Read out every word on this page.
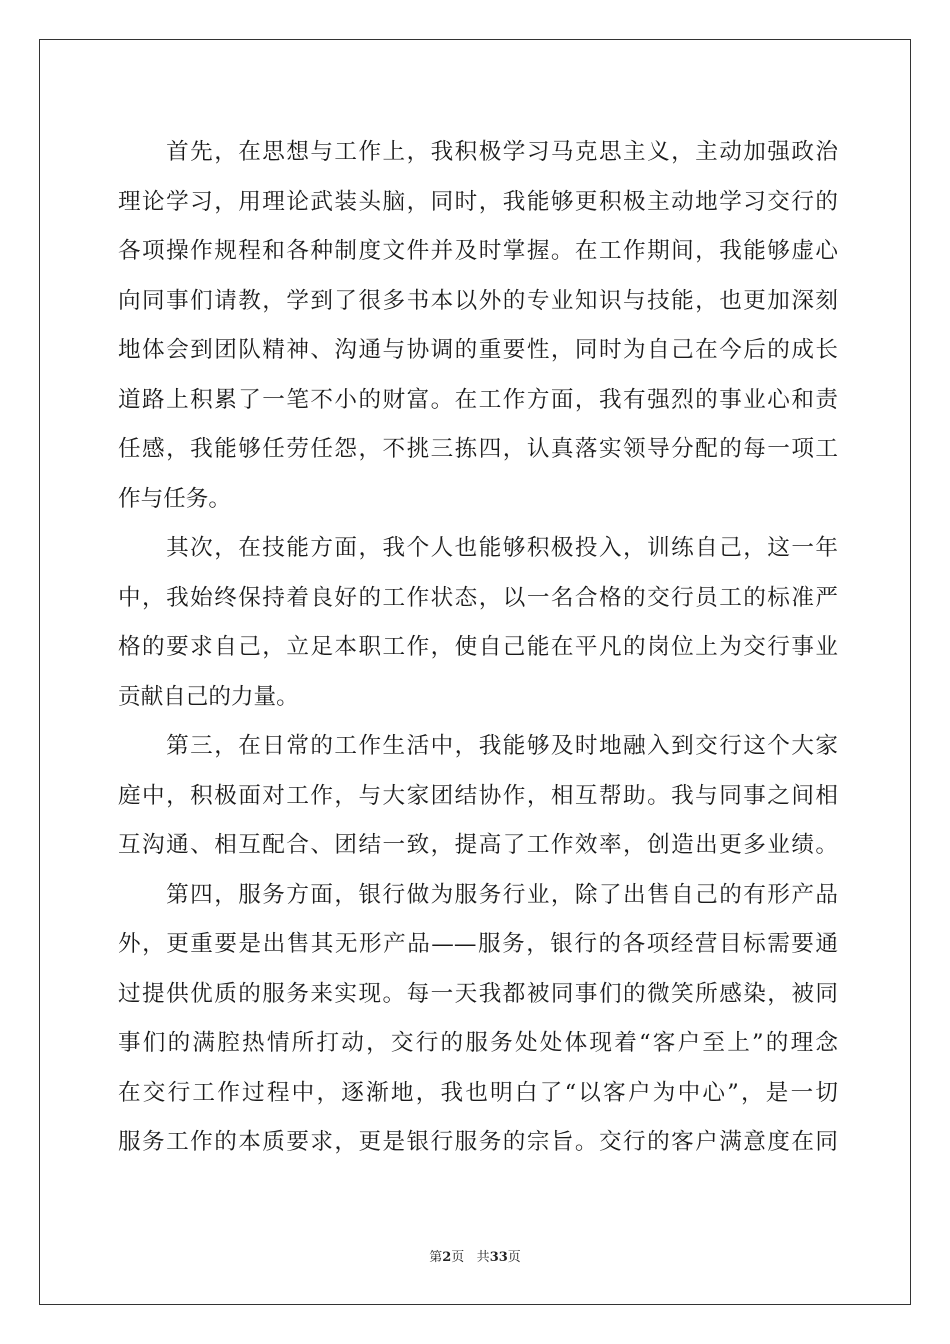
　　首先，在思想与工作上，我积极学习马克思主义，主动加强政治
理论学习，用理论武装头脑，同时，我能够更积极主动地学习交行的
各项操作规程和各种制度文件并及时掌握。在工作期间，我能够虚心
向同事们请教，学到了很多书本以外的专业知识与技能，也更加深刻
地体会到团队精神、沟通与协调的重要性，同时为自己在今后的成长
道路上积累了一笔不小的财富。在工作方面，我有强烈的事业心和责
任感，我能够任劳任怨，不挑三拣四，认真落实领导分配的每一项工
作与任务。
　　其次，在技能方面，我个人也能够积极投入，训练自己，这一年
中，我始终保持着良好的工作状态，以一名合格的交行员工的标准严
格的要求自己，立足本职工作，使自己能在平凡的岗位上为交行事业
贡献自己的力量。
　　第三，在日常的工作生活中，我能够及时地融入到交行这个大家
庭中，积极面对工作，与大家团结协作，相互帮助。我与同事之间相
互沟通、相互配合、团结一致，提高了工作效率，创造出更多业绩。
　　第四，服务方面，银行做为服务行业，除了出售自己的有形产品
外，更重要是出售其无形产品——服务，银行的各项经营目标需要通
过提供优质的服务来实现。每一天我都被同事们的微笑所感染，被同
事们的满腔热情所打动，交行的服务处处体现着“客户至上”的理念
在交行工作过程中，逐渐地，我也明白了“以客户为中心”，是一切
服务工作的本质要求，更是银行服务的宗旨。交行的客户满意度在同
第2页 共33页
